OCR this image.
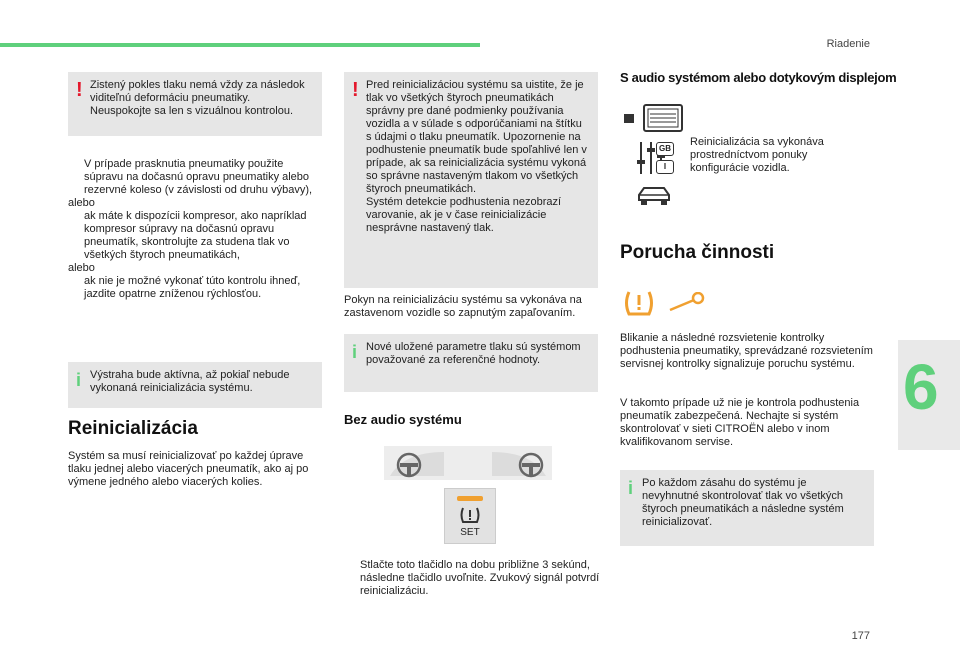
Riadenie
6
177
! Zistený pokles tlaku nemá vždy za následok viditeľnú deformáciu pneumatiky. Neuspokojte sa len s vizuálnou kontrolou.
V prípade prasknutia pneumatiky použite súpravu na dočasnú opravu pneumatiky alebo rezervné koleso (v závislosti od druhu výbavy),
alebo
ak máte k dispozícii kompresor, ako napríklad kompresor súpravy na dočasnú opravu pneumatík, skontrolujte za studena tlak vo všetkých štyroch pneumatikách,
alebo
ak nie je možné vykonať túto kontrolu ihneď, jazdite opatrne zníženou rýchlosťou.
i Výstraha bude aktívna, až pokiaľ nebude vykonaná reinicializácia systému.
Reinicializácia
Systém sa musí reinicializovať po každej úprave tlaku jednej alebo viacerých pneumatík, ako aj po výmene jedného alebo viacerých kolies.
! Pred reinicializáciou systému sa uistite, že je tlak vo všetkých štyroch pneumatikách správny pre dané podmienky používania vozidla a v súlade s odporúčaniami na štítku s údajmi o tlaku pneumatík. Upozornenie na podhustenie pneumatík bude spoľahlivé len v prípade, ak sa reinicializácia systému vykoná so správne nastaveným tlakom vo všetkých štyroch pneumatikách.
Systém detekcie podhustenia nezobrazí varovanie, ak je v čase reinicializácie nesprávne nastavený tlak.
Pokyn na reinicializáciu systému sa vykonáva na zastavenom vozidle so zapnutým zapaľovaním.
i Nové uložené parametre tlaku sú systémom považované za referenčné hodnoty.
Bez audio systému
SET
Stlačte toto tlačidlo na dobu približne 3 sekúnd, následne tlačidlo uvoľnite. Zvukový signál potvrdí reinicializáciu.
S audio systémom alebo dotykovým displejom
GB
I
Reinicializácia sa vykonáva prostredníctvom ponuky konfigurácie vozidla.
Porucha činnosti
Blikanie a následné rozsvietenie kontrolky podhustenia pneumatiky, sprevádzané rozsvietením servisnej kontrolky signalizuje poruchu systému.
V takomto prípade už nie je kontrola podhustenia pneumatík zabezpečená. Nechajte si systém skontrolovať v sieti CITROËN alebo v inom kvalifikovanom servise.
i Po každom zásahu do systému je nevyhnutné skontrolovať tlak vo všetkých štyroch pneumatikách a následne systém reinicializovať.
